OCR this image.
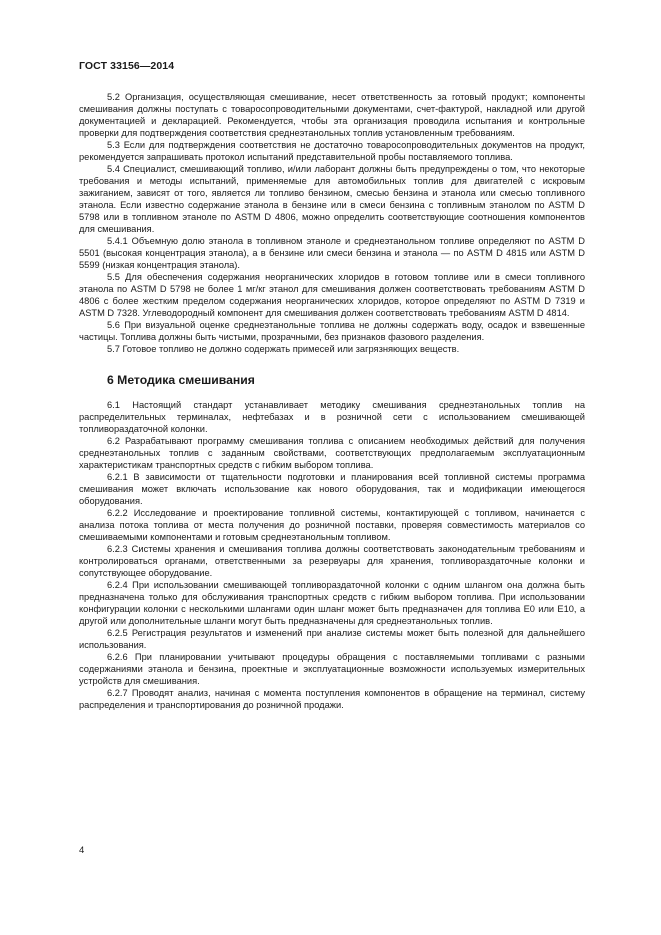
ГОСТ 33156—2014

5.2 Организация, осуществляющая смешивание, несет ответственность за готовый продукт; компоненты смешивания должны поступать с товаросопроводительными документами, счет-фактурой, накладной или другой документацией и декларацией. Рекомендуется, чтобы эта организация проводила испытания и контрольные проверки для подтверждения соответствия среднеэтанольных топлив установленным требованиям.

5.3 Если для подтверждения соответствия не достаточно товаросопроводительных документов на продукт, рекомендуется запрашивать протокол испытаний представительной пробы поставляемого топлива.

5.4 Специалист, смешивающий топливо, и/или лаборант должны быть предупреждены о том, что некоторые требования и методы испытаний, применяемые для автомобильных топлив для двигателей с искровым зажиганием, зависят от того, является ли топливо бензином, смесью бензина и этанола или смесью топливного этанола. Если известно содержание этанола в бензине или в смеси бензина с топливным этанолом по ASTM D 5798 или в топливном этаноле по ASTM D 4806, можно определить соответствующие соотношения компонентов для смешивания.

5.4.1 Объемную долю этанола в топливном этаноле и среднеэтанольном топливе определяют по ASTM D 5501 (высокая концентрация этанола), а в бензине или смеси бензина и этанола — по ASTM D 4815 или ASTM D 5599 (низкая концентрация этанола).

5.5 Для обеспечения содержания неорганических хлоридов в готовом топливе или в смеси топливного этанола по ASTM D 5798 не более 1 мг/кг этанол для смешивания должен соответствовать требованиям ASTM D 4806 с более жестким пределом содержания неорганических хлоридов, которое определяют по ASTM D 7319 и ASTM D 7328. Углеводородный компонент для смешивания должен соответствовать требованиям ASTM D 4814.

5.6 При визуальной оценке среднеэтанольные топлива не должны содержать воду, осадок и взвешенные частицы. Топлива должны быть чистыми, прозрачными, без признаков фазового разделения.

5.7 Готовое топливо не должно содержать примесей или загрязняющих веществ.

6 Методика смешивания

6.1 Настоящий стандарт устанавливает методику смешивания среднеэтанольных топлив на распределительных терминалах, нефтебазах и в розничной сети с использованием смешивающей топливораздаточной колонки.

6.2 Разрабатывают программу смешивания топлива с описанием необходимых действий для получения среднеэтанольных топлив с заданным свойствами, соответствующих предполагаемым эксплуатационным характеристикам транспортных средств с гибким выбором топлива.

6.2.1 В зависимости от тщательности подготовки и планирования всей топливной системы программа смешивания может включать использование как нового оборудования, так и модификации имеющегося оборудования.

6.2.2 Исследование и проектирование топливной системы, контактирующей с топливом, начинается с анализа потока топлива от места получения до розничной поставки, проверяя совместимость материалов со смешиваемыми компонентами и готовым среднеэтанольным топливом.

6.2.3 Системы хранения и смешивания топлива должны соответствовать законодательным требованиям и контролироваться органами, ответственными за резервуары для хранения, топливораздаточные колонки и сопутствующее оборудование.

6.2.4 При использовании смешивающей топливораздаточной колонки с одним шлангом она должна быть предназначена только для обслуживания транспортных средств с гибким выбором топлива. При использовании конфигурации колонки с несколькими шлангами один шланг может быть предназначен для топлива Е0 или Е10, а другой или дополнительные шланги могут быть предназначены для среднеэтанольных топлив.

6.2.5 Регистрация результатов и изменений при анализе системы может быть полезной для дальнейшего использования.

6.2.6 При планировании учитывают процедуры обращения с поставляемыми топливами с разными содержаниями этанола и бензина, проектные и эксплуатационные возможности используемых измерительных устройств для смешивания.

6.2.7 Проводят анализ, начиная с момента поступления компонентов в обращение на терминал, систему распределения и транспортирования до розничной продажи.

4
